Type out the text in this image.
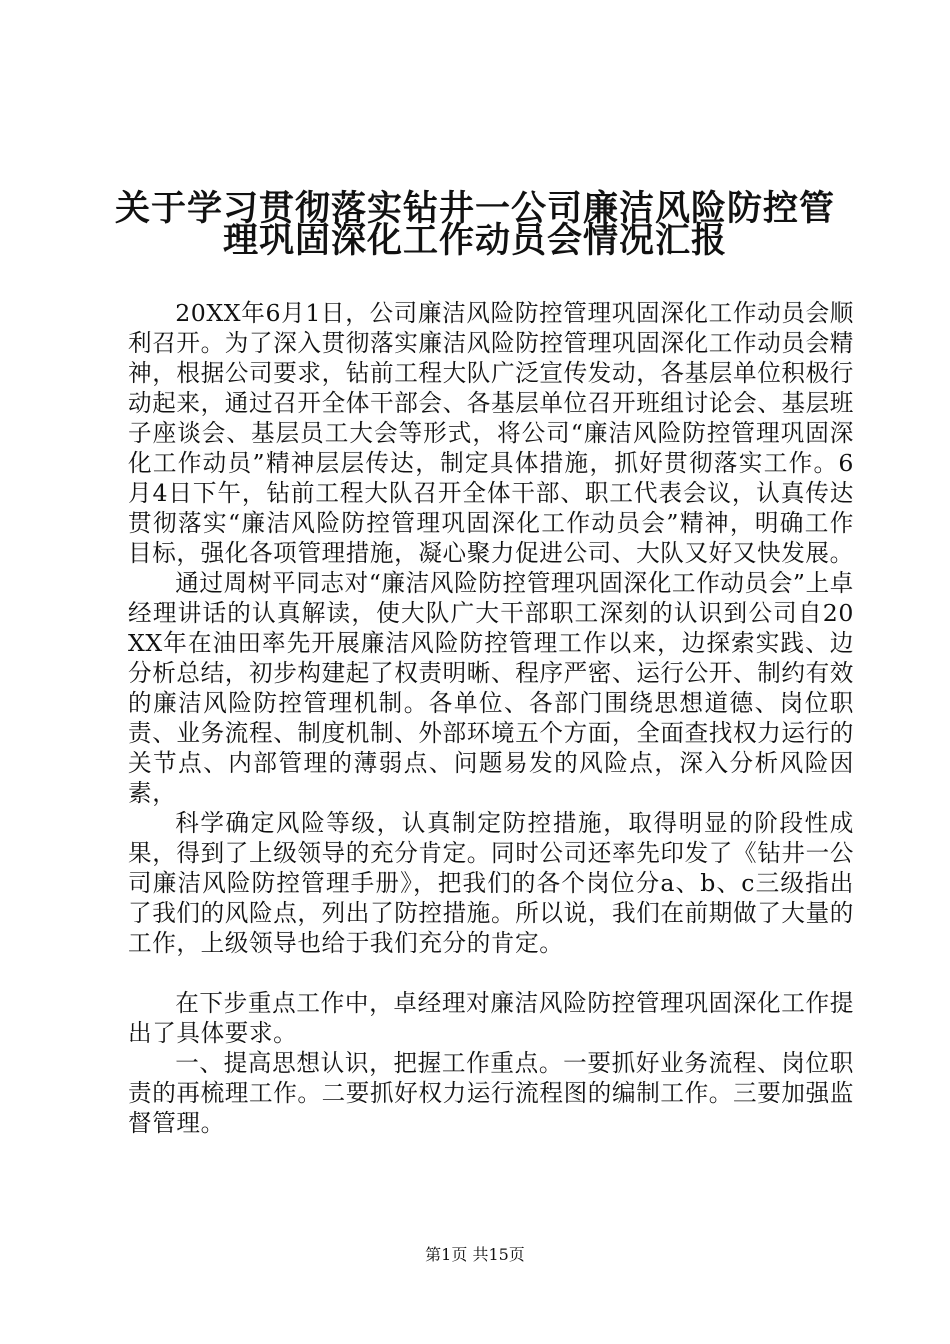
关于学习贯彻落实钻井一公司廉洁风险防控管
理巩固深化工作动员会情况汇报

20XX年6月1日，公司廉洁风险防控管理巩固深化工作动员会顺利召开。为了深入贯彻落实廉洁风险防控管理巩固深化工作动员会精神，根据公司要求，钻前工程大队广泛宣传发动，各基层单位积极行动起来，通过召开全体干部会、各基层单位召开班组讨论会、基层班子座谈会、基层员工大会等形式，将公司“廉洁风险防控管理巩固深化工作动员”精神层层传达，制定具体措施，抓好贯彻落实工作。6月4日下午，钻前工程大队召开全体干部、职工代表会议，认真传达贯彻落实“廉洁风险防控管理巩固深化工作动员会”精神，明确工作目标，强化各项管理措施，凝心聚力促进公司、大队又好又快发展。

通过周树平同志对“廉洁风险防控管理巩固深化工作动员会”上卓经理讲话的认真解读，使大队广大干部职工深刻的认识到公司自20XX年在油田率先开展廉洁风险防控管理工作以来，边探索实践、边分析总结，初步构建起了权责明晰、程序严密、运行公开、制约有效的廉洁风险防控管理机制。各单位、各部门围绕思想道德、岗位职责、业务流程、制度机制、外部环境五个方面，全面查找权力运行的关节点、内部管理的薄弱点、问题易发的风险点，深入分析风险因素，

科学确定风险等级，认真制定防控措施，取得明显的阶段性成果，得到了上级领导的充分肯定。同时公司还率先印发了《钻井一公司廉洁风险防控管理手册》，把我们的各个岗位分a、b、c三级指出了我们的风险点，列出了防控措施。所以说，我们在前期做了大量的工作，上级领导也给于我们充分的肯定。

在下步重点工作中，卓经理对廉洁风险防控管理巩固深化工作提出了具体要求。

一、提高思想认识，把握工作重点。一要抓好业务流程、岗位职责的再梳理工作。二要抓好权力运行流程图的编制工作。三要加强监督管理。

第1页 共15页
